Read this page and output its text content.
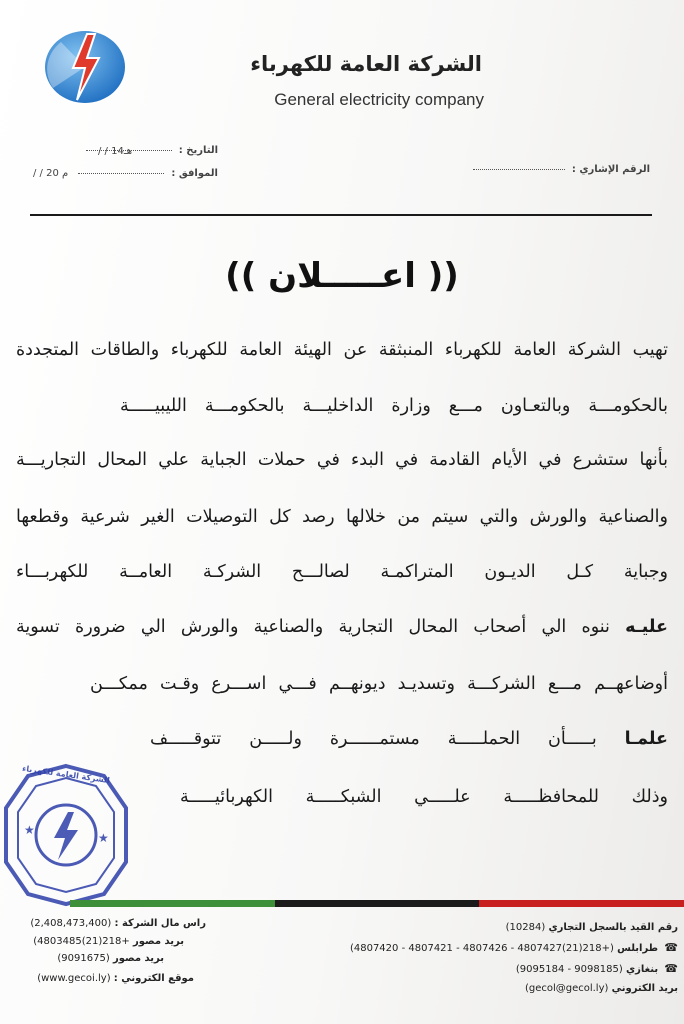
الشركة العامة للكهرباء
General electricity company
التاريخ :
/ / 14هـ
الموافق :
/ / 20 م	الرقم الإشاري :
(( اعـــــلان ))
تهيب الشركة العامة للكهرباء المنبثقة عن الهيئة العامة للكهرباء والطاقات المتجددة
بالحكومـــة وبالتعـاون مـــع وزارة الداخليـــة بالحكومـــة الليبيـــــة
بأنها ستشرع في الأيام القادمة في البدء في حملات الجباية علي المحال التجاريـــة
والصناعية والورش والتي سيتم من خلالها رصد كل التوصيلات الغير شرعية وقطعها
وجباية كـل الديـون المتراكمـة لصالـــح الشركـة العامــة للكهربـــاء
عليـه ننوه الي أصحاب المحال التجارية والصناعية والورش الي ضرورة تسوية
أوضاعهــم مـــع الشركـــة وتسديـد ديونهــم فـــي اســـرع وقـت ممكـــن
علمـا بـــــأن الحملـــــة مستمــــــرة ولـــــن تتوقـــــف
وذلك للمحافظـــــة علـــــي الشبكـــــة الكهربائيـــــة
★
★
الشركة العامة للكهرباء
راس مال الشركة : (2,408,473,400)
بريد مصور +218(21)4803485)
بريد مصور (9091675)
موقع الكتروني : (www.gecoi.ly)
رقم القيد بالسجل التجاري (10284)
☎ طرابلس (+218(21)4807427 - 4807426 - 4807421 - 4807420)
☎ بنغازي (9098185 - 9095184)
بريد الكتروني (gecol@gecol.ly)
